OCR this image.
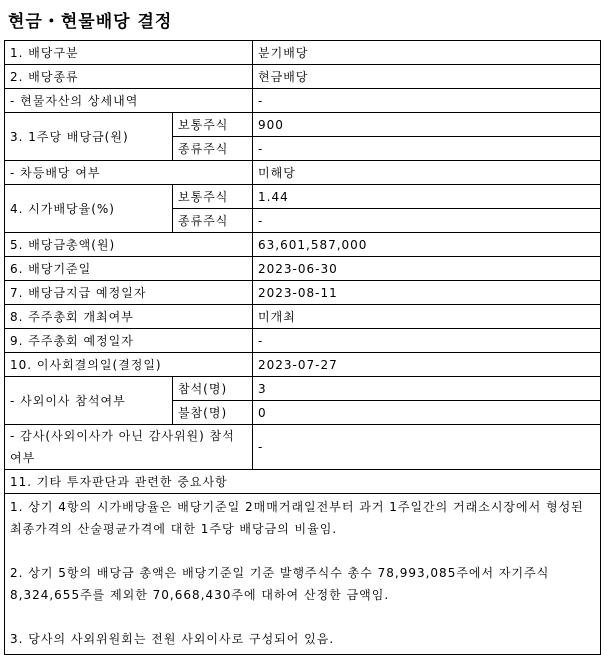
현금・현물배당 결정
1. 배당구분		분기배당
2. 배당종류		현금배당
- 현물자산의 상세내역		-
3. 1주당 배당금(원)	보통주식	900
	종류주식	-
- 차등배당 여부		미해당
4. 시가배당율(%)	보통주식	1.44
	종류주식	-
5. 배당금총액(원)		63,601,587,000
6. 배당기준일		2023-06-30
7. 배당금지급 예정일자		2023-08-11
8. 주주총회 개최여부		미개최
9. 주주총회 예정일자		-
10. 이사회결의일(결정일)		2023-07-27
- 사외이사 참석여부	참석(명)	3
	불참(명)	0
- 감사(사외이사가 아닌 감사위원) 참석여부		-
11. 기타 투자판단과 관련한 중요사항		

1. 상기 4항의 시가배당율은 배당기준일 2매매거래일전부터 과거 1주일간의 거래소시장에서 형성된 최종가격의 산술평균가격에 대한 1주당 배당금의 비율임.

2. 상기 5항의 배당금 총액은 배당기준일 기준 발행주식수 총수 78,993,085주에서 자기주식 8,324,655주를 제외한 70,668,430주에 대하여 산정한 금액임.

3. 당사의 사외위원회는 전원 사외이사로 구성되어 있음.		
